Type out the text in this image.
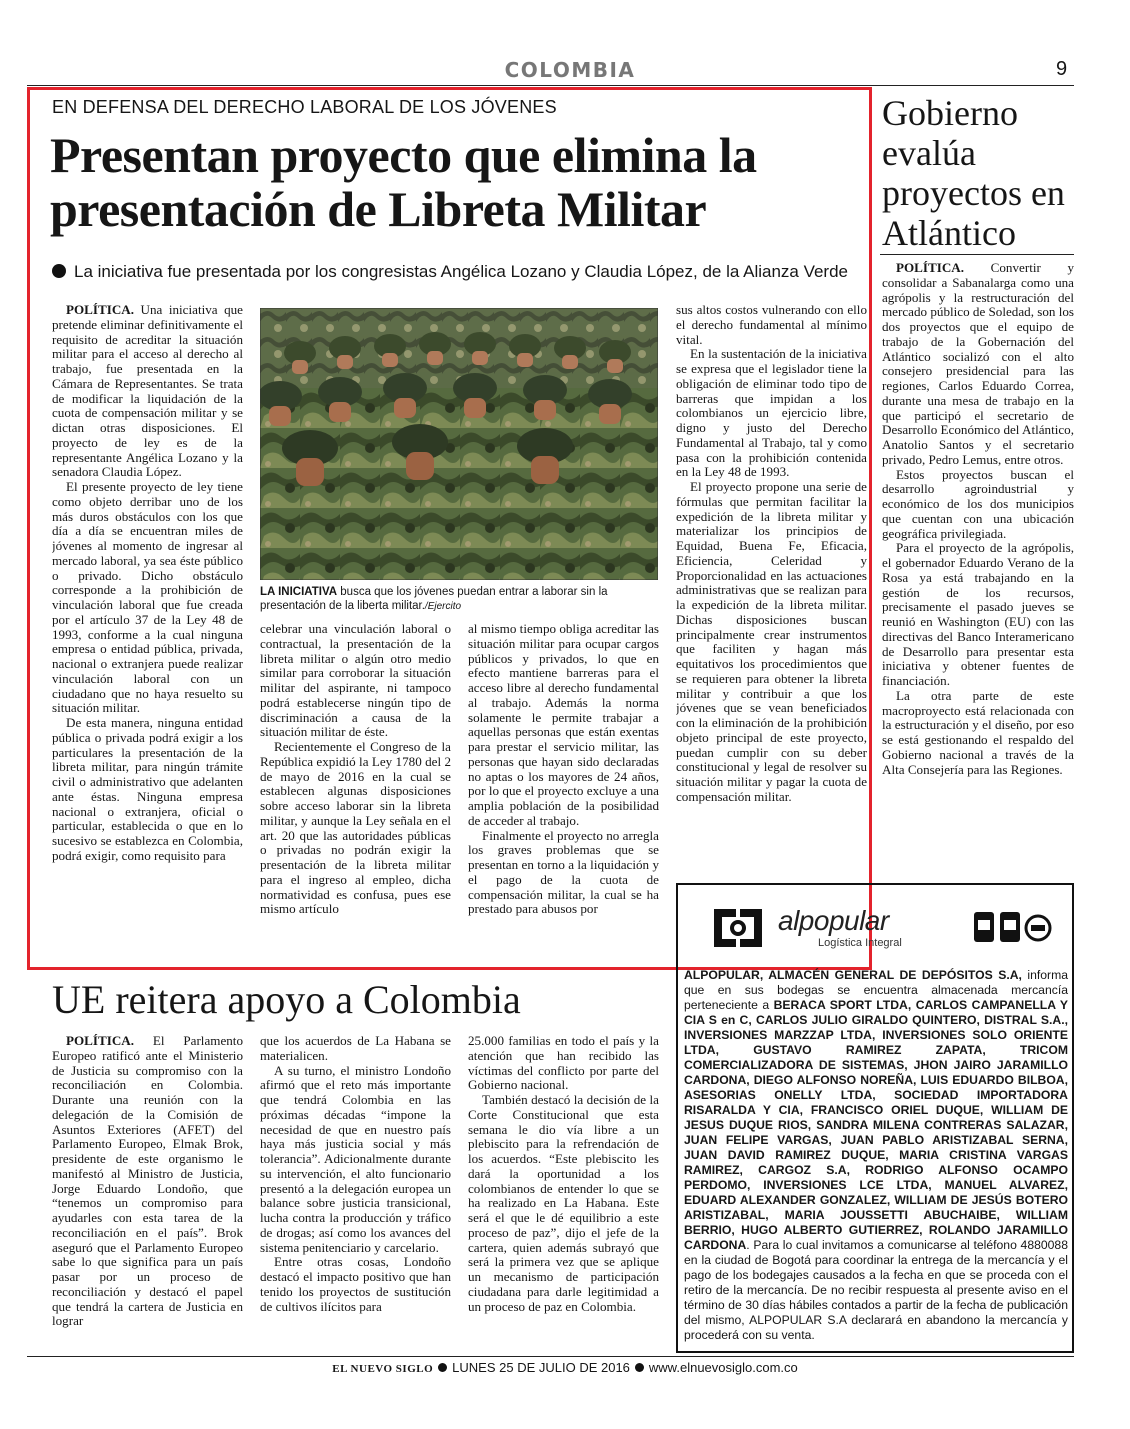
COLOMBIA	9
EN DEFENSA DEL DERECHO LABORAL DE LOS JÓVENES
Presentan proyecto que elimina la presentación de Libreta Militar
La iniciativa fue presentada por los congresistas Angélica Lozano y Claudia López, de la Alianza Verde

POLÍTICA. Una iniciativa que pretende eliminar definitivamente el requisito de acreditar la situación militar para el acceso al derecho al trabajo, fue presentada en la Cámara de Representantes. Se trata de modificar la liquidación de la cuota de compensación militar y se dictan otras disposiciones. El proyecto de ley es de la representante Angélica Lozano y la senadora Claudia López.

El presente proyecto de ley tiene como objeto derribar uno de los más duros obstáculos con los que día a día se encuentran miles de jóvenes al momento de ingresar al mercado laboral, ya sea éste público o privado. Dicho obstáculo corresponde a la prohibición de vinculación laboral que fue creada por el artículo 37 de la Ley 48 de 1993, conforme a la cual ninguna empresa o entidad pública, privada, nacional o extranjera puede realizar vinculación laboral con un ciudadano que no haya resuelto su situación militar.

De esta manera, ninguna entidad pública o privada podrá exigir a los particulares la presentación de la libreta militar, para ningún trámite civil o administrativo que adelanten ante éstas. Ninguna empresa nacional o extranjera, oficial o particular, establecida o que en lo sucesivo se establezca en Colombia, podrá exigir, como requisito para

LA INICIATIVA busca que los jóvenes puedan entrar a laborar sin la presentación de la liberta militar./Ejercito

celebrar una vinculación laboral o contractual, la presentación de la libreta militar o algún otro medio similar para corroborar la situación militar del aspirante, ni tampoco podrá establecerse ningún tipo de discriminación a causa de la situación militar de éste.

Recientemente el Congreso de la República expidió la Ley 1780 del 2 de mayo de 2016 en la cual se establecen algunas disposiciones sobre acceso laborar sin la libreta militar, y aunque la Ley señala en el art. 20 que las autoridades públicas o privadas no podrán exigir la presentación de la libreta militar para el ingreso al empleo, dicha normatividad es confusa, pues ese mismo artículo

al mismo tiempo obliga acreditar las situación militar para ocupar cargos públicos y privados, lo que en efecto mantiene barreras para el acceso libre al derecho fundamental al trabajo. Además la norma solamente le permite trabajar a aquellas personas que están exentas para prestar el servicio militar, las personas que hayan sido declaradas no aptas o los mayores de 24 años, por lo que el proyecto excluye a una amplia población de la posibilidad de acceder al trabajo.

Finalmente el proyecto no arregla los graves problemas que se presentan en torno a la liquidación y el pago de la cuota de compensación militar, la cual se ha prestado para abusos por

sus altos costos vulnerando con ello el derecho fundamental al mínimo vital.

En la sustentación de la iniciativa se expresa que el legislador tiene la obligación de eliminar todo tipo de barreras que impidan a los colombianos un ejercicio libre, digno y justo del Derecho Fundamental al Trabajo, tal y como pasa con la prohibición contenida en la Ley 48 de 1993.

El proyecto propone una serie de fórmulas que permitan facilitar la expedición de la libreta militar y materializar los principios de Equidad, Buena Fe, Eficacia, Eficiencia, Celeridad y Proporcionalidad en las actuaciones administrativas que se realizan para la expedición de la libreta militar. Dichas disposiciones buscan principalmente crear instrumentos que faciliten y hagan más equitativos los procedimientos que se requieren para obtener la libreta militar y contribuir a que los jóvenes que se vean beneficiados con la eliminación de la prohibición objeto principal de este proyecto, puedan cumplir con su deber constitucional y legal de resolver su situación militar y pagar la cuota de compensación militar.

Gobierno evalúa proyectos en Atlántico

POLÍTICA. Convertir y consolidar a Sabanalarga como una agrópolis y la restructuración del mercado público de Soledad, son los dos proyectos que el equipo de trabajo de la Gobernación del Atlántico socializó con el alto consejero presidencial para las regiones, Carlos Eduardo Correa, durante una mesa de trabajo en la que participó el secretario de Desarrollo Económico del Atlántico, Anatolio Santos y el secretario privado, Pedro Lemus, entre otros.

Estos proyectos buscan el desarrollo agroindustrial y económico de los dos municipios que cuentan con una ubicación geográfica privilegiada.

Para el proyecto de la agrópolis, el gobernador Eduardo Verano de la Rosa ya está trabajando en la gestión de los recursos, precisamente el pasado jueves se reunió en Washington (EU) con las directivas del Banco Interamericano de Desarrollo para presentar esta iniciativa y obtener fuentes de financiación.

La otra parte de este macroproyecto está relacionada con la estructuración y el diseño, por eso se está gestionando el respaldo del Gobierno nacional a través de la Alta Consejería para las Regiones.

UE reitera apoyo a Colombia

POLÍTICA. El Parlamento Europeo ratificó ante el Ministerio de Justicia su compromiso con la reconciliación en Colombia. Durante una reunión con la delegación de la Comisión de Asuntos Exteriores (AFET) del Parlamento Europeo, Elmak Brok, presidente de este organismo le manifestó al Ministro de Justicia, Jorge Eduardo Londoño, que “tenemos un compromiso para ayudarles con esta tarea de la reconciliación en el país”. Brok aseguró que el Parlamento Europeo sabe lo que significa para un país pasar por un proceso de reconciliación y destacó el papel que tendrá la cartera de Justicia en lograr

que los acuerdos de La Habana se materialicen.

A su turno, el ministro Londoño afirmó que el reto más importante que tendrá Colombia en las próximas décadas “impone la necesidad de que en nuestro país haya más justicia social y más tolerancia”. Adicionalmente durante su intervención, el alto funcionario presentó a la delegación europea un balance sobre justicia transicional, lucha contra la producción y tráfico de drogas; así como los avances del sistema penitenciario y carcelario.

Entre otras cosas, Londoño destacó el impacto positivo que han tenido los proyectos de sustitución de cultivos ilícitos para

25.000 familias en todo el país y la atención que han recibido las víctimas del conflicto por parte del Gobierno nacional.

También destacó la decisión de la Corte Constitucional que esta semana le dio vía libre a un plebiscito para la refrendación de los acuerdos. “Este plebiscito les dará la oportunidad a los colombianos de entender lo que se ha realizado en La Habana. Este será el que le dé equilibrio a este proceso de paz”, dijo el jefe de la cartera, quien además subrayó que será la primera vez que se aplique un mecanismo de participación ciudadana para darle legitimidad a un proceso de paz en Colombia.

alpopular
Logística Integral
ALPOPULAR, ALMACÉN GENERAL DE DEPÓSITOS S.A, informa que en sus bodegas se encuentra almacenada mercancía perteneciente a BERACA SPORT LTDA, CARLOS CAMPANELLA Y CIA S en C, CARLOS JULIO GIRALDO QUINTERO, DISTRAL S.A., INVERSIONES MARZZAP LTDA, INVERSIONES SOLO ORIENTE LTDA, GUSTAVO RAMIREZ ZAPATA, TRICOM COMERCIALIZADORA DE SISTEMAS, JHON JAIRO JARAMILLO CARDONA, DIEGO ALFONSO NOREÑA, LUIS EDUARDO BILBOA, ASESORIAS ONELLY LTDA, SOCIEDAD IMPORTADORA RISARALDA Y CIA, FRANCISCO ORIEL DUQUE, WILLIAM DE JESUS DUQUE RIOS, SANDRA MILENA CONTRERAS SALAZAR, JUAN FELIPE VARGAS, JUAN PABLO ARISTIZABAL SERNA, JUAN DAVID RAMIREZ DUQUE, MARIA CRISTINA VARGAS RAMIREZ, CARGOZ S.A, RODRIGO ALFONSO OCAMPO PERDOMO, INVERSIONES LCE LTDA, MANUEL ALVAREZ, EDUARD ALEXANDER GONZALEZ, WILLIAM DE JESÚS BOTERO ARISTIZABAL, MARIA JOUSSETTI ABUCHAIBE, WILLIAM BERRIO, HUGO ALBERTO GUTIERREZ, ROLANDO JARAMILLO CARDONA. Para lo cual invitamos a comunicarse al teléfono 4880088 en la ciudad de Bogotá para coordinar la entrega de la mercancía y el pago de los bodegajes causados a la fecha en que se proceda con el retiro de la mercancía. De no recibir respuesta al presente aviso en el término de 30 días hábiles contados a partir de la fecha de publicación del mismo, ALPOPULAR S.A declarará en abandono la mercancía y procederá con su venta.
EL NUEVO SIGLO LUNES 25 DE JULIO DE 2016 www.elnuevosiglo.com.co
